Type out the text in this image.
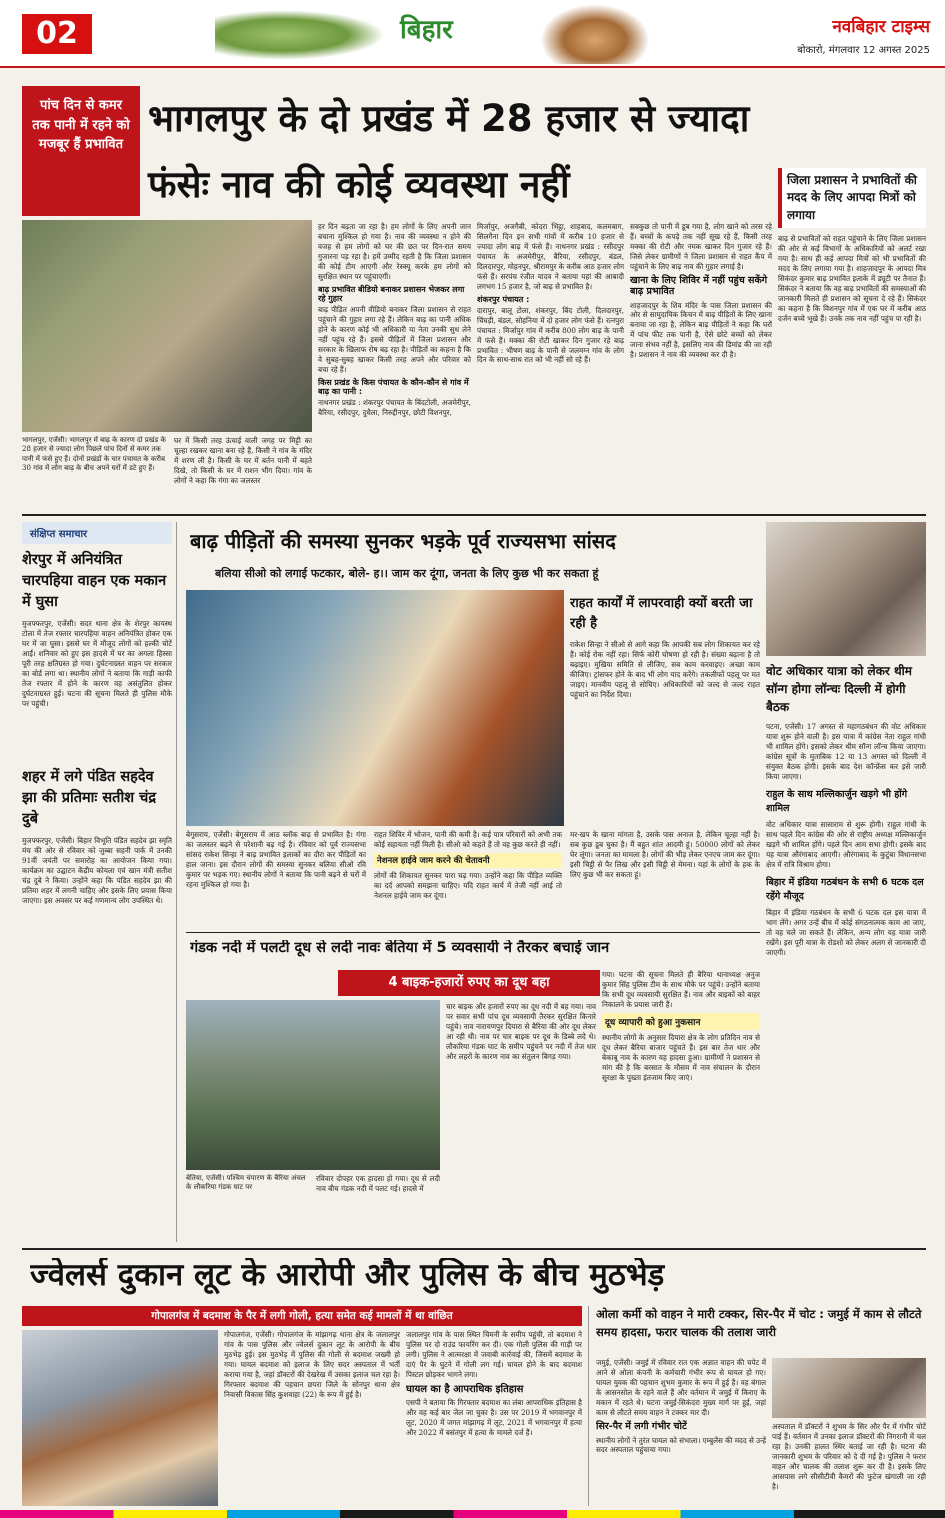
02	बिहार	नवबिहार टाइम्स
बोकारो, मंगलवार 12 अगस्त 2025
पांच दिन से कमर तक पानी में रहने को मजबूर हैं प्रभावित
भागलपुर के दो प्रखंड में 28 हजार से ज्यादा
फंसेः नाव की कोई व्यवस्था नहीं
भागलपुर, एजेंसी। भागलपुर में बाढ़ के कारण दो प्रखंड के 28 हजार से ज्यादा लोग पिछले पांच दिनों से कमर तक पानी में फंसे हुए हैं। दोनों प्रखंडों के चार पंचायत के करीब 30 गांव में लोग बाढ़ के बीच अपने घरों में डटे हुए हैं।
घर में किसी तरह ऊंचाई वाली जगह पर मिट्टी का चूल्हा रखकर खाना बना रहे हैं, किसी ने गांव के मंदिर में शरण ली है। किसी के घर में बर्तन पानी में बहते दिखे, तो किसी के घर में राशन भीग दिया। गांव के लोगों ने कहा कि गंगा का जलस्तर
हर दिन बढ़ता जा रहा है। हम लोगों के लिए अपनी जान बचाना मुश्किल हो गया है। नाव की व्यवस्था न होने की वजह से हम लोगों को घर की छत पर दिन-रात समय गुजारना पड़ रहा है। हमें उम्मीद रहती है कि जिला प्रशासन की कोई टीम आएगी और रेस्क्यू करके हम लोगों को सुरक्षित स्थान पर पहुंचाएगी।
बाढ़ प्रभावित बीडियो बनाकर प्रशासन भेजकर लगा रहे गुहार
बाढ़ पीड़ित अपनी वीडियो बनाकर जिला प्रशासन से राहत पहुंचाने की गुहार लगा रहे हैं। लेकिन बाढ़ का पानी अधिक होने के कारण कोई भी अधिकारी या नेता उनकी सुध लेने नहीं पहुंच रहे हैं। इससे पीड़ितों में जिला प्रशासन और सरकार के खिलाफ रोष बढ़ रहा है। पीड़ितों का कहना है कि वे सुबह-सुबह खाकर किसी तरह अपने और परिवार को बचा रहे हैं।
किस प्रखंड के किस पंचायत के कौन-कौन से गांव में बाढ़ का पानी :
नाथनगर प्रखंड : शंकरपुर पंचायत के बिंदटोली, अजमेरीपुर, बैरिया, रसीदपुर, दुधैला, निरुद्दीनपुर, छोटी विशनपुर,
मिर्जापुर, अजगैबी, कोदरा भिट्ठा, शाहबाद, कलमबाग, सिलगैना दिन इन सभी गांवों में करीब 10 हजार से ज्यादा लोग बाढ़ में फंसे हैं। नाथनगर प्रखंड : रसीदपुर पंचायत के अजमेरीपुर, बैरिया, रसीदपुर, बंडल, दिलदारपुर, मोहनपुर, श्रीरामपुर के करीब आठ हजार लोग फंसे हैं। सरपंच रंजीत यादव ने बताया यहां की आबादी लगभग 15 हजार है, जो बाढ़ से प्रभावित है।
शंकरपुर पंचायत :
दारापुर, बालू टोला, शंकरपुर, बिंद टोली, दिलदारपुर, चिंघड़ी, बंडल, सोहनिया में दो हजार लोग फंसे हैं। रत्नपुरा पंचायत : मिर्जापुर गांव में करीब 800 लोग बाढ़ के पानी में फंसे हैं। मक्का की रोटी खाकर दिन गुजार रहे बाढ़ प्रभावित : भीषण बाढ़ के पानी से जलमग्न गांव के लोग दिन के साथ-साथ रात को भी नहीं सो रहे हैं।
सबकुछ तो पानी में डूब गया है, लोग खाने को तरस रहे हैं। बच्चों के कपड़े तक नहीं सूख रहे हैं, किसी तरह मक्का की रोटी और नमक खाकर दिन गुजार रहे हैं। जिसे लेकर ग्रामीणों ने जिला प्रशासन से राहत कैंप में पहुंचाने के लिए बाढ़ नाव की गुहार लगाई है।
खाना के लिए शिविर में नहीं पहुंच सकेंगे बाढ़ प्रभावित
शाहजादपुर के शिव मंदिर के पास जिला प्रशासन की ओर से सामुदायिक किचन में बाढ़ पीड़ितों के लिए खाना बनाया जा रहा है, लेकिन बाढ़ पीड़ितों ने कहा कि घरों में पांच फीट तक पानी है, ऐसे छोटे बच्चों को लेकर जाना संभव नहीं है, इसलिए नाव की डिमांड की जा रही है। प्रशासन ने नाव की व्यवस्था कर दी है।
जिला प्रशासन ने प्रभावितों की मदद के लिए आपदा मित्रों को लगाया
बाढ़ से प्रभावितों को राहत पहुंचाने के लिए जिला प्रशासन की ओर से कई विभागों के अधिकारियों को अलर्ट रखा गया है। साथ ही कई आपदा मित्रों को भी प्रभावितों की मदद के लिए लगाया गया है। शाहजादपुर के आपदा मित्र सिकंदर कुमार बाढ़ प्रभावित इलाके में ड्यूटी पर तैनात हैं। सिकंदर ने बताया कि वह बाढ़ प्रभावितों की समस्याओं की जानकारी मिलते ही प्रशासन को सूचना दे रहे हैं। सिकंदर का कहना है कि विशनपुर गांव में एक घर में करीब आठ दर्जन बच्चे भूखे हैं। उनके तक नाव नहीं पहुंच पा रही है।
संक्षिप्त समाचार
शेरपुर में अनियंत्रित चारपहिया वाहन एक मकान में घुसा
मुजफ्फरपुर, एजेंसी। सदर थाना क्षेत्र के शेरपुर कायस्थ टोला में तेज रफ्तार चारपहिया वाहन अनियंत्रित होकर एक घर में जा घुसा। इससे घर में मौजूद लोगों को हल्की चोटें आईं। शनिवार को हुए इस हादसे में घर का अगला हिस्सा पूरी तरह क्षतिग्रस्त हो गया। दुर्घटनाग्रस्त वाहन पर सरकार का बोर्ड लगा था। स्थानीय लोगों ने बताया कि गाड़ी काफी तेज रफ्तार में होने के कारण वह असंतुलित होकर दुर्घटनाग्रस्त हुई। घटना की सूचना मिलते ही पुलिस मौके पर पहुंची।
शहर में लगे पंडित सहदेव झा की प्रतिमाः सतीश चंद्र दुबे
मुजफ्फरपुर, एजेंसी। बिहार विभूति पंडित सहदेव झा स्मृति मंच की ओर से रविवार को जुब्बा सहनी पार्क में उनकी 91वीं जयंती पर समारोह का आयोजन किया गया। कार्यक्रम का उद्घाटन केंद्रीय कोयला एवं खान मंत्री सतीश चंद्र दुबे ने किया। उन्होंने कहा कि पंडित सहदेव झा की प्रतिमा शहर में लगनी चाहिए और इसके लिए प्रयास किया जाएगा। इस अवसर पर कई गणमान्य लोग उपस्थित थे।
बाढ़ पीड़ितों की समस्या सुनकर भड़के पूर्व राज्यसभा सांसद
बलिया सीओ को लगाई फटकार, बोले- ह।। जाम कर दूंगा, जनता के लिए कुछ भी कर सकता हूं
राहत कार्यों में लापरवाही क्यों बरती जा रही है
राकेश सिन्हा ने सीओ से आगे कहा कि आपकी सब लोग शिकायत कर रहे हैं। कोई रोक नहीं रहा। सिर्फ कोरी घोषणा हो रही है। संख्या बढ़ाना है तो बढ़ाइए। मुखिया समिति से लीजिए, सब काम करवाइए। अच्छा काम कीजिए। ट्रांसफर होने के बाद भी लोग याद करेंगे। तकलीफों पहलू पर मत जाइए। मानवीय पहलू से सोचिए। अधिकारियों को जल्द से जल्द राहत पहुंचाने का निर्देश दिया।
बेगूसराय, एजेंसी। बेगूसराय में आठ ब्लॉक बाढ़ से प्रभावित है। गंगा का जलस्तर बढ़ने से परेशानी बढ़ गई है। रविवार को पूर्व राज्यसभा सांसद राकेश सिन्हा ने बाढ़ प्रभावित इलाकों का दौरा कर पीड़ितों का हाल जाना। इस दौरान लोगों की समस्या सुनकर बलिया सीओ रवि कुमार पर भड़क गए। स्थानीय लोगों ने बताया कि पानी बढ़ने से घरों में रहना मुश्किल हो गया है।
राहत शिविर में भोजन, पानी की कमी है। कई पात्र परिवारों को अभी तक कोई सहायता नहीं मिली है। सीओ को कहते हैं तो वह कुछ करते ही नहीं।
नेशनल हाईवे जाम करने की चेतावनी
लोगों की शिकायत सुनकर पारा चढ़ गया। उन्होंने कहा कि पीड़ित व्यक्ति का दर्द आपको समझना चाहिए। यदि राहत कार्य में तेजी नहीं आई तो नेशनल हाईवे जाम कर दूंगा।
मर-खप के खाना मांगता है, उसके पास अनाज है, लेकिन चूल्हा नहीं है। सब कुछ डूब चुका है। मैं बहुत शांत आदमी हूं। 50000 लोगों को लेकर घेर लूंगा। जनता का मामला है। लोगों की भीड़ लेकर एनएच जाम कर दूंगा। इसी चिट्ठी से पैर लिख और इसी चिट्ठी से मेमना। यहां के लोगों के हक के लिए कुछ भी कर सकता हूं।
वोट अधिकार यात्रा को लेकर थीम सॉन्ग होगा लॉन्चः दिल्ली में होगी बैठक
पटना, एजेंसी। 17 अगस्त से महागठबंधन की वोट अधिकार यात्रा शुरू होने वाली है। इस यात्रा में कांग्रेस नेता राहुल गांधी भी शामिल होंगे। इसको लेकर थीम सॉन्ग लॉन्च किया जाएगा। कांग्रेस सूत्रों के मुताबिक 12 या 13 अगस्त को दिल्ली में संयुक्त बैठक होगी। इसके बाद देश कॉन्फ्रेंस कर इसे जारी किया जाएगा।
राहुल के साथ मल्लिकार्जुन खड़गे भी होंगे शामिल
वोट अधिकार यात्रा सासाराम से शुरू होगी। राहुल गांधी के साथ पहले दिन कांग्रेस की ओर से राष्ट्रीय अध्यक्ष मल्लिकार्जुन खड़गे भी शामिल होंगे। पहले दिन आम सभा होगी। इसके बाद यह यात्रा औरंगाबाद आएगी। औरंगाबाद के कुटुंबा विधानसभा क्षेत्र में रात्रि विश्राम होगा।
बिहार में इंडिया गठबंधन के सभी 6 घटक दल रहेंगे मौजूद
बिहार में इंडिया गठबंधन के सभी 6 घटक दल इस यात्रा में भाग लेंगे। अगर उन्हें बीच में कोई संगठनात्मक काम आ जाए, तो वह चले जा सकते हैं। लेकिन, अन्य लोग यह यात्रा जारी रखेंगे। इस पूरी यात्रा के रोडशो को लेकर अलग से जानकारी दी जाएगी।
गंडक नदी में पलटी दूध से लदी नावः बेतिया में 5 व्यवसायी ने तैरकर बचाई जान
4 बाइक-हजारों रुपए का दूध बहा
बेतिया, एजेंसी। पश्चिम चंपारण के बैरिया अंचल के लौकरिया गंडक घाट पर
रविवार दोपहर एक हादसा हो गया। दूध से लदी नाव बीच गंडक नदी में पलट गई। हादसे में
चार बाइक और हजारों रुपए का दूध नदी में बह गया। नाव पर सवार सभी पांच दूध व्यवसायी तैरकर सुरक्षित किनारे पहुंचे। नाव नारायणपुर दियारा से बैरिया की ओर दूध लेकर आ रही थी। नाव पर चार बाइक पर दूध के डिब्बे लदे थे। लौकरिया गंडक घाट के समीप पहुंचने पर नदी में तेज धार और लहरों के कारण नाव का संतुलन बिगड़ गया।
गया। घटना की सूचना मिलते ही बैरिया थानाध्यक्ष अनुज कुमार सिंह पुलिस टीम के साथ मौके पर पहुंचे। उन्होंने बताया कि सभी दूध व्यवसायी सुरक्षित हैं। नाव और बाइकों को बाहर निकालने के प्रयास जारी हैं।
दूध व्यापारी को हुआ नुकसान
स्थानीय लोगों के अनुसार दियारा क्षेत्र के लोग प्रतिदिन नाव से दूध लेकर बैरिया बाजार पहुंचते हैं। इस बार तेज धार और बेकाबू नाव के कारण यह हादसा हुआ। ग्रामीणों ने प्रशासन से मांग की है कि बरसात के मौसम में नाव संचालन के दौरान सुरक्षा के पुख्ता इंतजाम किए जाएं।
ज्वेलर्स दुकान लूट के आरोपी और पुलिस के बीच मुठभेड़
गोपालगंज में बदमाश के पैर में लगी गोली, हत्या समेत कई मामलों में था वांछित
गोपालगंज, एजेंसी। गोपालगंज के मांझागढ़ थाना क्षेत्र के जलालपुर गांव के पास पुलिस और ज्वेलर्स दुकान लूट के आरोपी के बीच मुठभेड़ हुई। इस मुठभेड़ में पुलिस की गोली से बदमाश जख्मी हो गया। घायल बदमाश को इलाज के लिए सदर अस्पताल में भर्ती कराया गया है, जहां डॉक्टरों की देखरेख में उसका इलाज चल रहा है। गिरफ्तार बदमाश की पहचान छपरा जिले के सोनपुर थाना क्षेत्र निवासी विकास सिंह कुशवाहा (22) के रूप में हुई है।
जलालपुर गांव के पास स्थित चिमनी के समीप पहुंची, तो बदमाश ने पुलिस पर दो राउंड फायरिंग कर दी। एक गोली पुलिस की गाड़ी पर लगी। पुलिस ने आत्मरक्षा में जवाबी कार्रवाई की, जिसमें बदमाश के दाएं पैर के घुटने में गोली लग गई। घायल होने के बाद बदमाश पिस्टल छोड़कर भागने लगा।
घायल का है आपराधिक इतिहास
एसपी ने बताया कि गिरफ्तार बदमाश का लंबा आपराधिक इतिहास है और वह कई बार जेल जा चुका है। उस पर 2019 में भगवानपुर में लूट, 2020 में जगत मांझागढ़ में लूट, 2021 में भगवानपुर में हत्या और 2022 में बसंतपुर में हत्या के मामले दर्ज हैं।
ओला कर्मी को वाहन ने मारी टक्कर, सिर-पैर में चोट : जमुई में काम से लौटते समय हादसा, फरार चालक की तलाश जारी
जमुई, एजेंसी। जमुई में रविवार रात एक अज्ञात वाहन की चपेट में आने से ओला कंपनी के कर्मचारी गंभीर रूप से घायल हो गए। घायल युवक की पहचान शुभम कुमार के रूप में हुई है। वह बंगाल के आसनसोल के रहने वाले हैं और वर्तमान में जमुई में किराए के मकान में रहते थे। घटना जमुई-सिकंदरा मुख्य मार्ग पर हुई, जहां काम से लौटते समय वाहन ने टक्कर मार दी।
सिर-पैर में लगी गंभीर चोटें
स्थानीय लोगों ने तुरंत घायल को संभाला। एम्बुलेंस की मदद से उन्हें सदर अस्पताल पहुंचाया गया।
अस्पताल में डॉक्टरों ने शुभम के सिर और पैर में गंभीर चोटें पाई हैं। वर्तमान में उनका इलाज डॉक्टरों की निगरानी में चल रहा है। उनकी हालत स्थिर बताई जा रही है। घटना की जानकारी शुभम के परिवार को दे दी गई है। पुलिस ने फरार वाहन और चालक की तलाश शुरू कर दी है। इसके लिए आसपास लगे सीसीटीवी कैमरों की फुटेज खंगाली जा रही है।
